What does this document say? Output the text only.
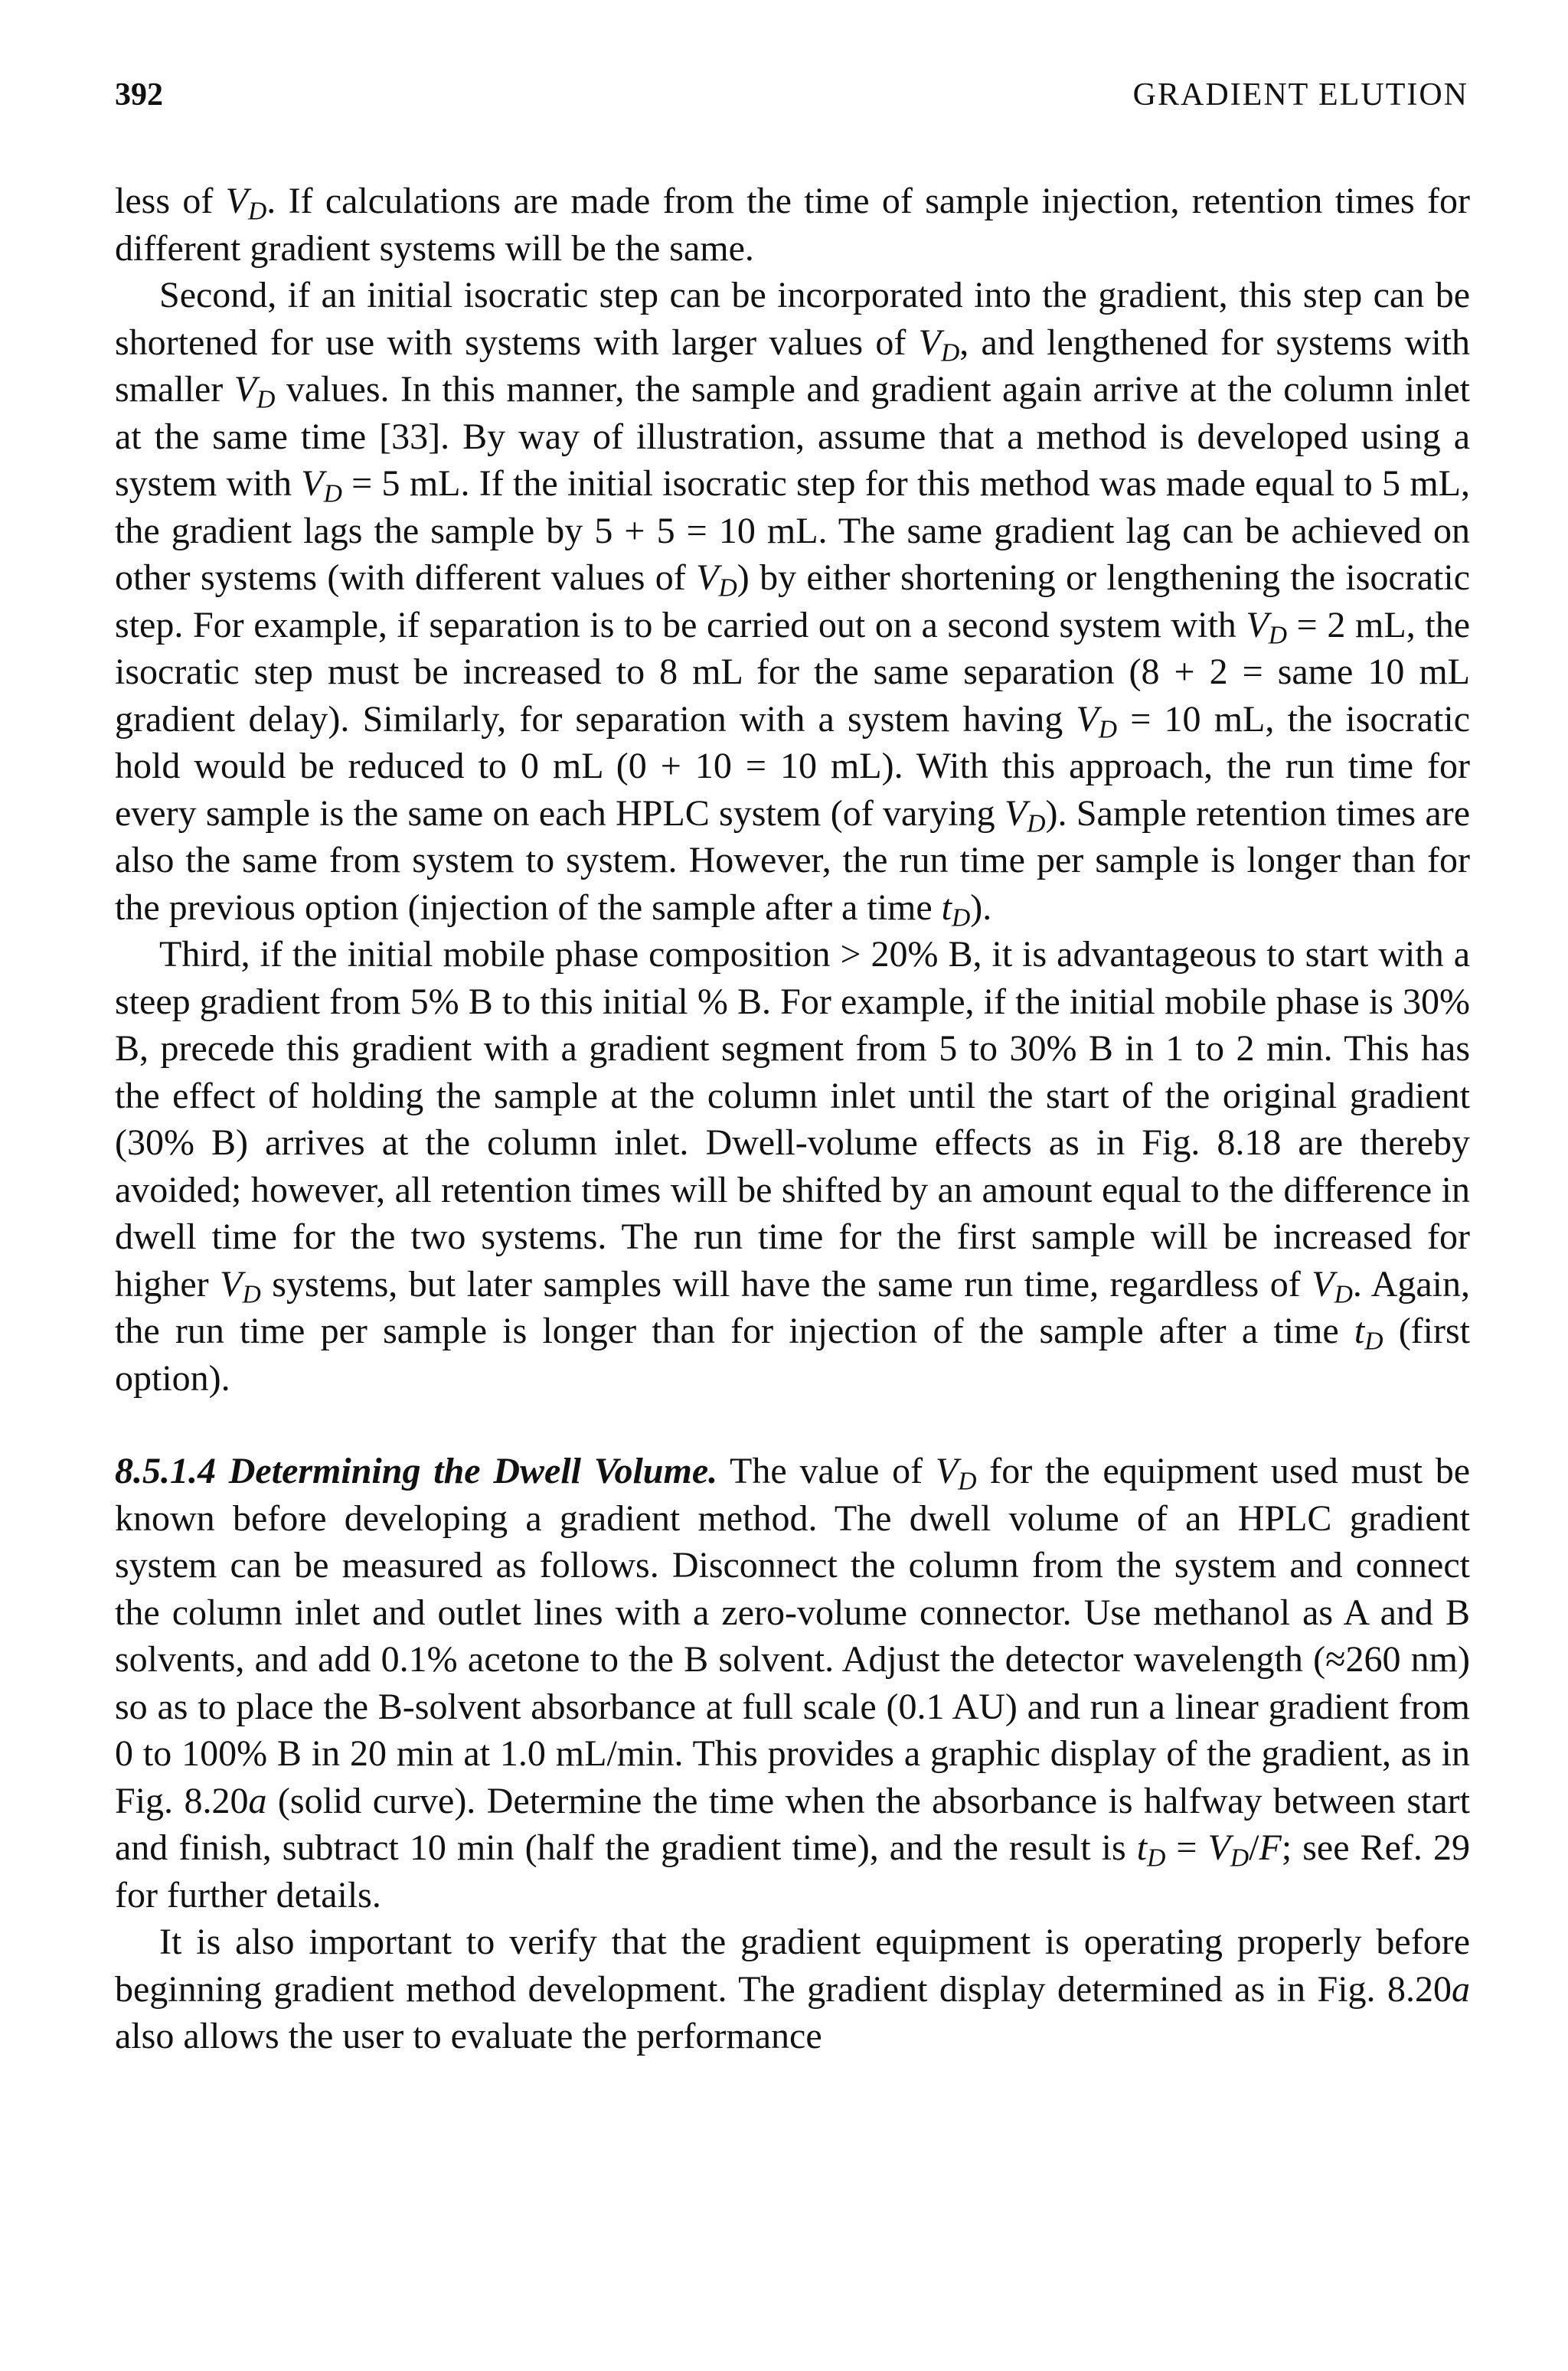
392	GRADIENT ELUTION

less of $V_D$. If calculations are made from the time of sample injection, retention times for different gradient systems will be the same.

Second, if an initial isocratic step can be incorporated into the gradient, this step can be shortened for use with systems with larger values of $V_D$, and lengthened for systems with smaller $V_D$ values. In this manner, the sample and gradient again arrive at the column inlet at the same time [33]. By way of illustration, assume that a method is developed using a system with $V_D = 5$ mL. If the initial isocratic step for this method was made equal to 5 mL, the gradient lags the sample by 5 + 5 = 10 mL. The same gradient lag can be achieved on other systems (with different values of $V_D$) by either shortening or lengthening the isocratic step. For example, if separation is to be carried out on a second system with $V_D = 2$ mL, the isocratic step must be increased to 8 mL for the same separation (8 + 2 = same 10 mL gradient delay). Similarly, for separation with a system having $V_D = 10$ mL, the isocratic hold would be reduced to 0 mL (0 + 10 = 10 mL). With this approach, the run time for every sample is the same on each HPLC system (of varying $V_D$). Sample retention times are also the same from system to system. However, the run time per sample is longer than for the previous option (injection of the sample after a time $t_D$).

Third, if the initial mobile phase composition > 20% B, it is advantageous to start with a steep gradient from 5% B to this initial % B. For example, if the initial mobile phase is 30% B, precede this gradient with a gradient segment from 5 to 30% B in 1 to 2 min. This has the effect of holding the sample at the column inlet until the start of the original gradient (30% B) arrives at the column inlet. Dwell-volume effects as in Fig. 8.18 are thereby avoided; however, all retention times will be shifted by an amount equal to the difference in dwell time for the two systems. The run time for the first sample will be increased for higher $V_D$ systems, but later samples will have the same run time, regardless of $V_D$. Again, the run time per sample is longer than for injection of the sample after a time $t_D$ (first option).

8.5.1.4 Determining the Dwell Volume. The value of $V_D$ for the equipment used must be known before developing a gradient method. The dwell volume of an HPLC gradient system can be measured as follows. Disconnect the column from the system and connect the column inlet and outlet lines with a zero-volume connector. Use methanol as A and B solvents, and add 0.1% acetone to the B solvent. Adjust the detector wavelength (≈260 nm) so as to place the B-solvent absorbance at full scale (0.1 AU) and run a linear gradient from 0 to 100% B in 20 min at 1.0 mL/min. This provides a graphic display of the gradient, as in Fig. 8.20a (solid curve). Determine the time when the absorbance is halfway between start and finish, subtract 10 min (half the gradient time), and the result is $t_D = V_D/F$; see Ref. 29 for further details.

It is also important to verify that the gradient equipment is operating properly before beginning gradient method development. The gradient display determined as in Fig. 8.20a also allows the user to evaluate the performance
